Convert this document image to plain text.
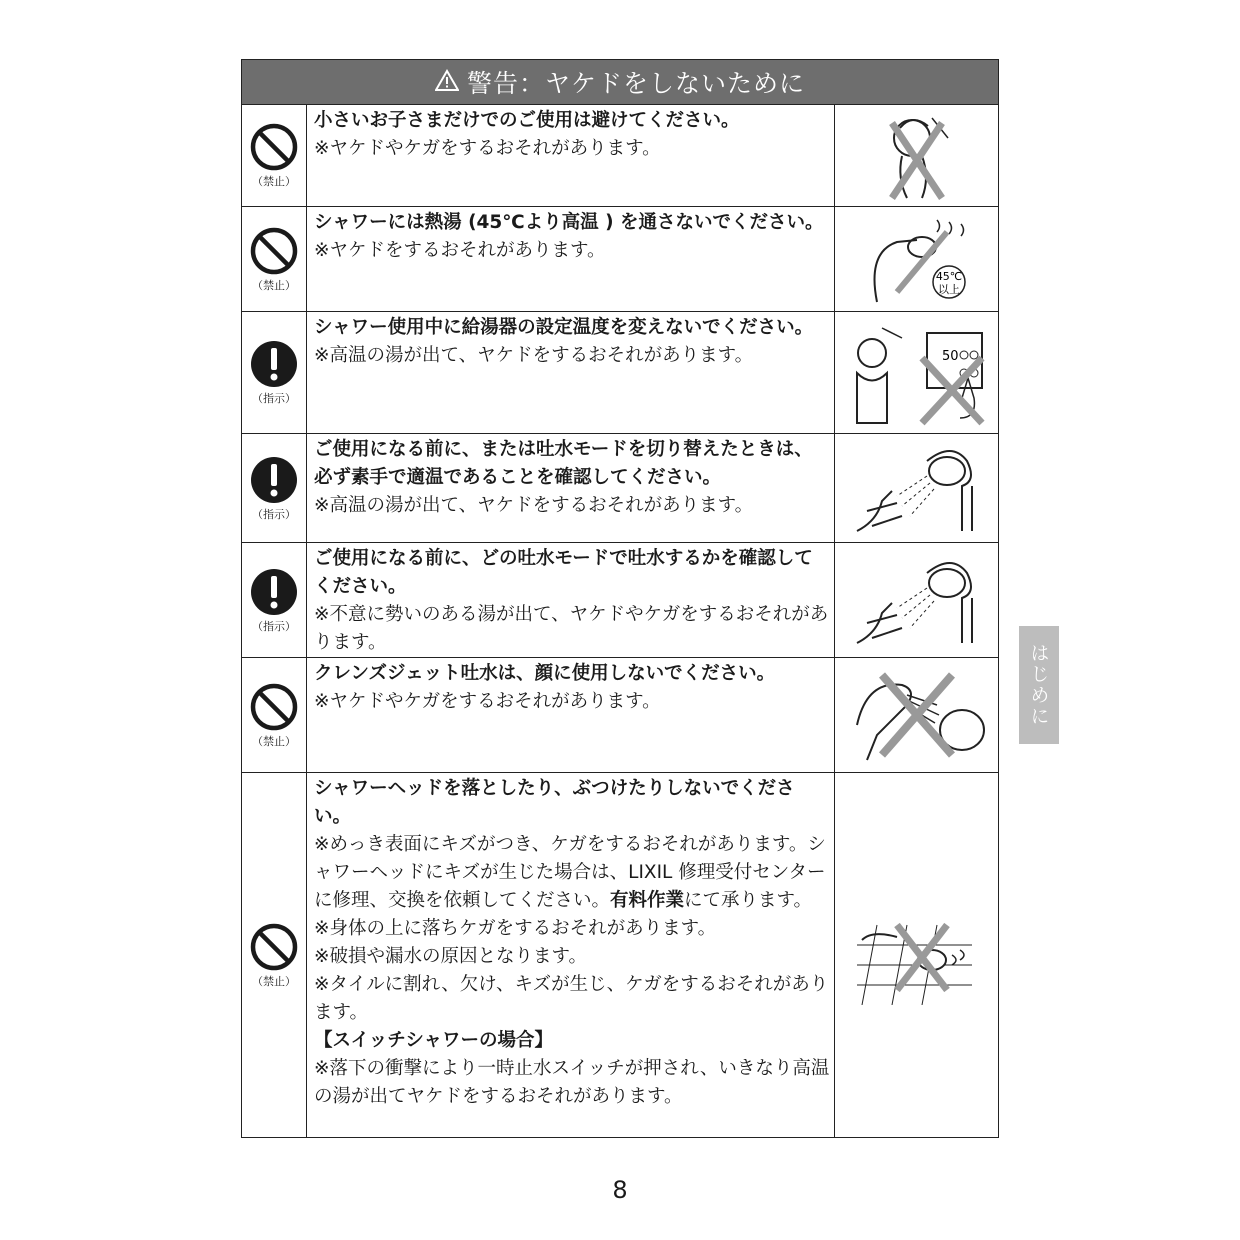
警告：ヤケドをしないために
（禁止）
小さいお子さまだけでのご使用は避けてください。
※ヤケドやケガをするおそれがあります。
（禁止）
シャワーには熱湯 (45℃より高温 ) を通さないでください。
※ヤケドをするおそれがあります。
45℃
以上
（指示）
シャワー使用中に給湯器の設定温度を変えないでください。
※高温の湯が出て、ヤケドをするおそれがあります。	50
（指示）
ご使用になる前に、または吐水モードを切り替えたときは、必ず素手で適温であることを確認してください。
※高温の湯が出て、ヤケドをするおそれがあります。
（指示）
ご使用になる前に、どの吐水モードで吐水するかを確認してください。
※不意に勢いのある湯が出て、ヤケドやケガをするおそれがあります。
（禁止）
クレンズジェット吐水は、顔に使用しないでください。
※ヤケドやケガをするおそれがあります。
（禁止）
シャワーヘッドを落としたり、ぶつけたりしないでください。
※めっき表面にキズがつき、ケガをするおそれがあります。シャワーヘッドにキズが生じた場合は、LIXIL 修理受付センターに修理、交換を依頼してください。有料作業にて承ります。
※身体の上に落ちケガをするおそれがあります。
※破損や漏水の原因となります。
※タイルに割れ、欠け、キズが生じ、ケガをするおそれがあります。
【スイッチシャワーの場合】
※落下の衝撃により一時止水スイッチが押され、いきなり高温の湯が出てヤケドをするおそれがあります。
はじめに
8
